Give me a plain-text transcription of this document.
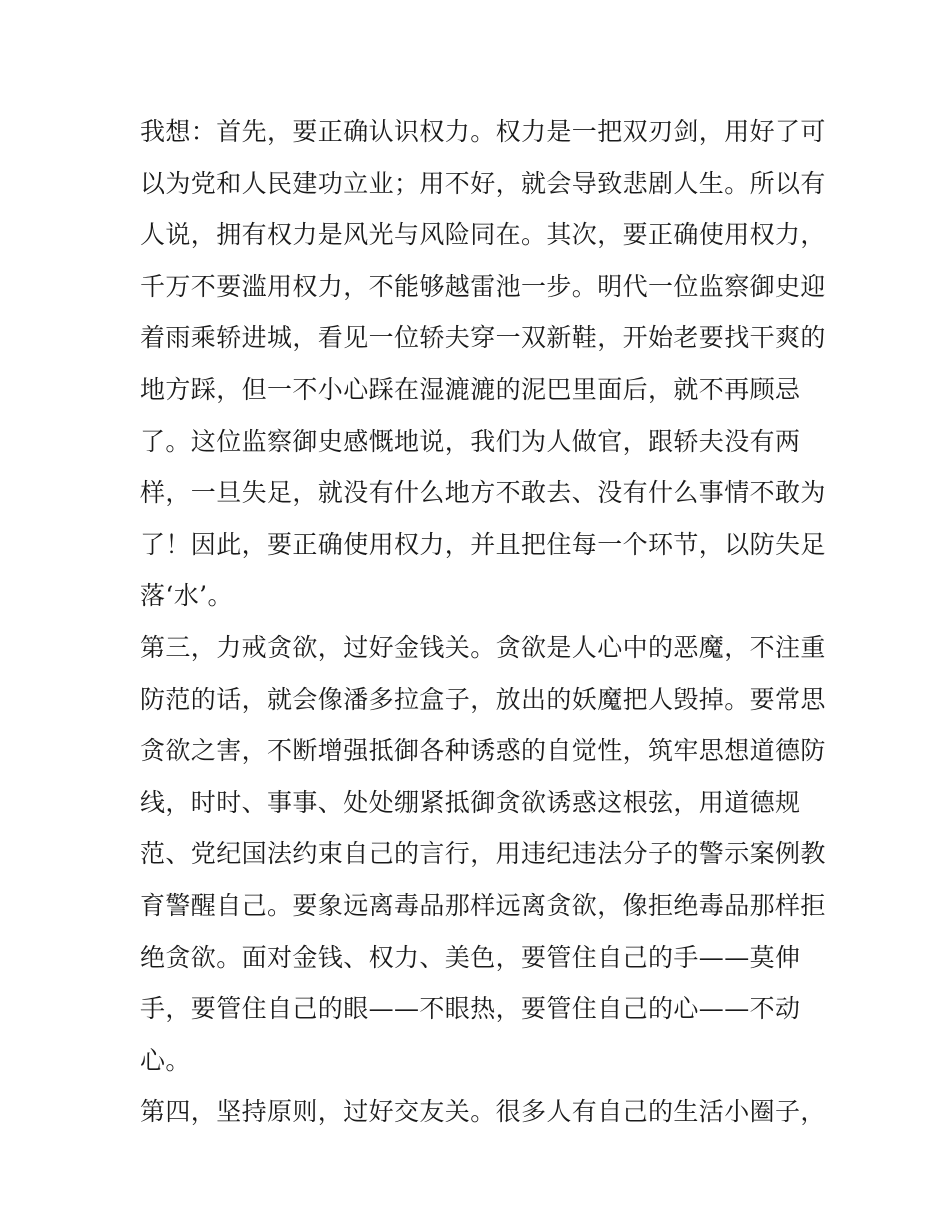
我想：首先，要正确认识权力。权力是一把双刃剑，用好了可
以为党和人民建功立业；用不好，就会导致悲剧人生。所以有
人说，拥有权力是风光与风险同在。其次，要正确使用权力，
千万不要滥用权力，不能够越雷池一步。明代一位监察御史迎
着雨乘轿进城，看见一位轿夫穿一双新鞋，开始老要找干爽的
地方踩，但一不小心踩在湿漉漉的泥巴里面后，就不再顾忌
了。这位监察御史感慨地说，我们为人做官，跟轿夫没有两
样，一旦失足，就没有什么地方不敢去、没有什么事情不敢为
了！因此，要正确使用权力，并且把住每一个环节，以防失足
落‘水’。
第三，力戒贪欲，过好金钱关。贪欲是人心中的恶魔，不注重
防范的话，就会像潘多拉盒子，放出的妖魔把人毁掉。要常思
贪欲之害，不断增强抵御各种诱惑的自觉性，筑牢思想道德防
线，时时、事事、处处绷紧抵御贪欲诱惑这根弦，用道德规
范、党纪国法约束自己的言行，用违纪违法分子的警示案例教
育警醒自己。要象远离毒品那样远离贪欲，像拒绝毒品那样拒
绝贪欲。面对金钱、权力、美色，要管住自己的手——莫伸
手，要管住自己的眼——不眼热，要管住自己的心——不动
心。
第四，坚持原则，过好交友关。很多人有自己的生活小圈子，
